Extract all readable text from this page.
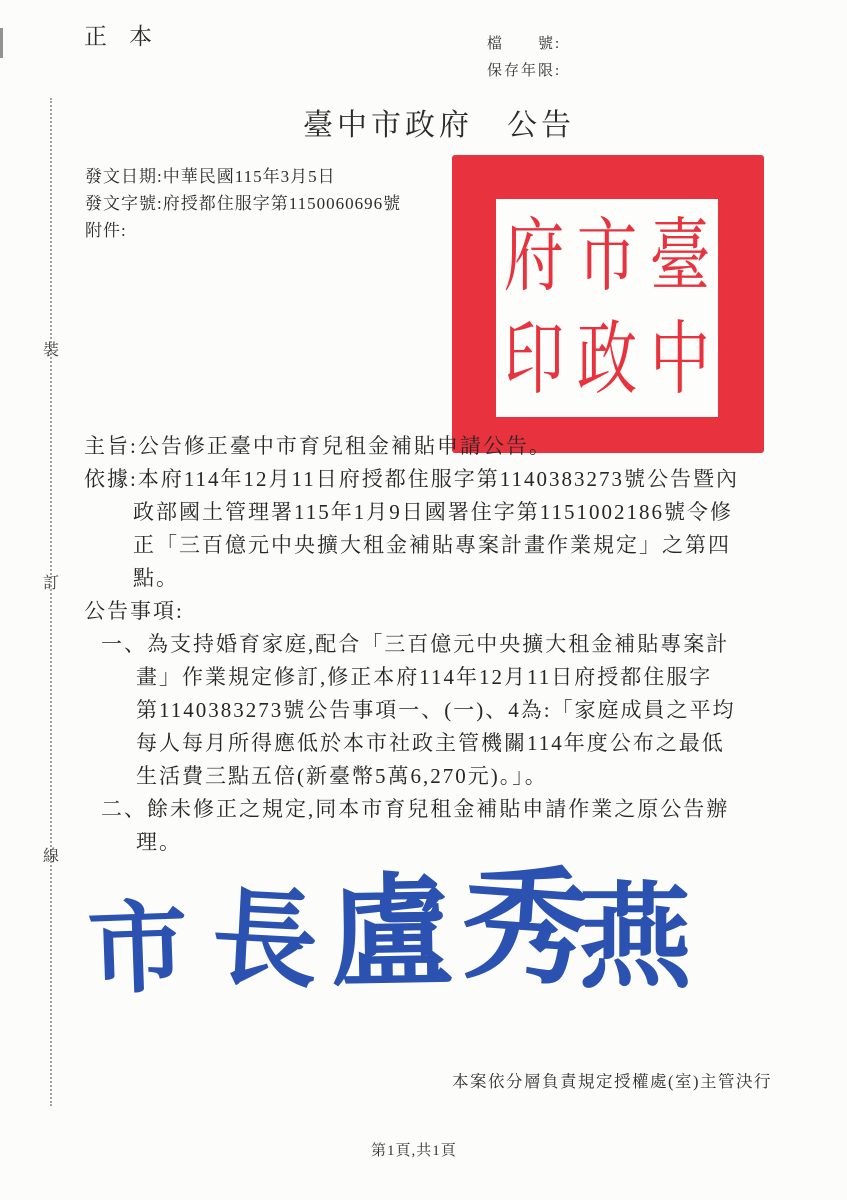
裝
訂
線
正本	檔　　號:
保存年限:
臺中市政府　公告
發文日期:中華民國115年3月5日
發文字號:府授都住服字第1150060696號
附件:	府 市 臺
印 政 中
主旨:公告修正臺中市育兒租金補貼申請公告。
依據:本府114年12月11日府授都住服字第1140383273號公告暨內
政部國土管理署115年1月9日國署住字第1151002186號令修
正「三百億元中央擴大租金補貼專案計畫作業規定」之第四
點。
公告事項:
一、為支持婚育家庭,配合「三百億元中央擴大租金補貼專案計
畫」作業規定修訂,修正本府114年12月11日府授都住服字
第1140383273號公告事項一、(一)、4為:「家庭成員之平均
每人每月所得應低於本市社政主管機關114年度公布之最低
生活費三點五倍(新臺幣5萬6,270元)。」。
二、餘未修正之規定,同本市育兒租金補貼申請作業之原公告辦
理。
市 長 盧 秀
燕
本案依分層負責規定授權處(室)主管決行
第1頁,共1頁
